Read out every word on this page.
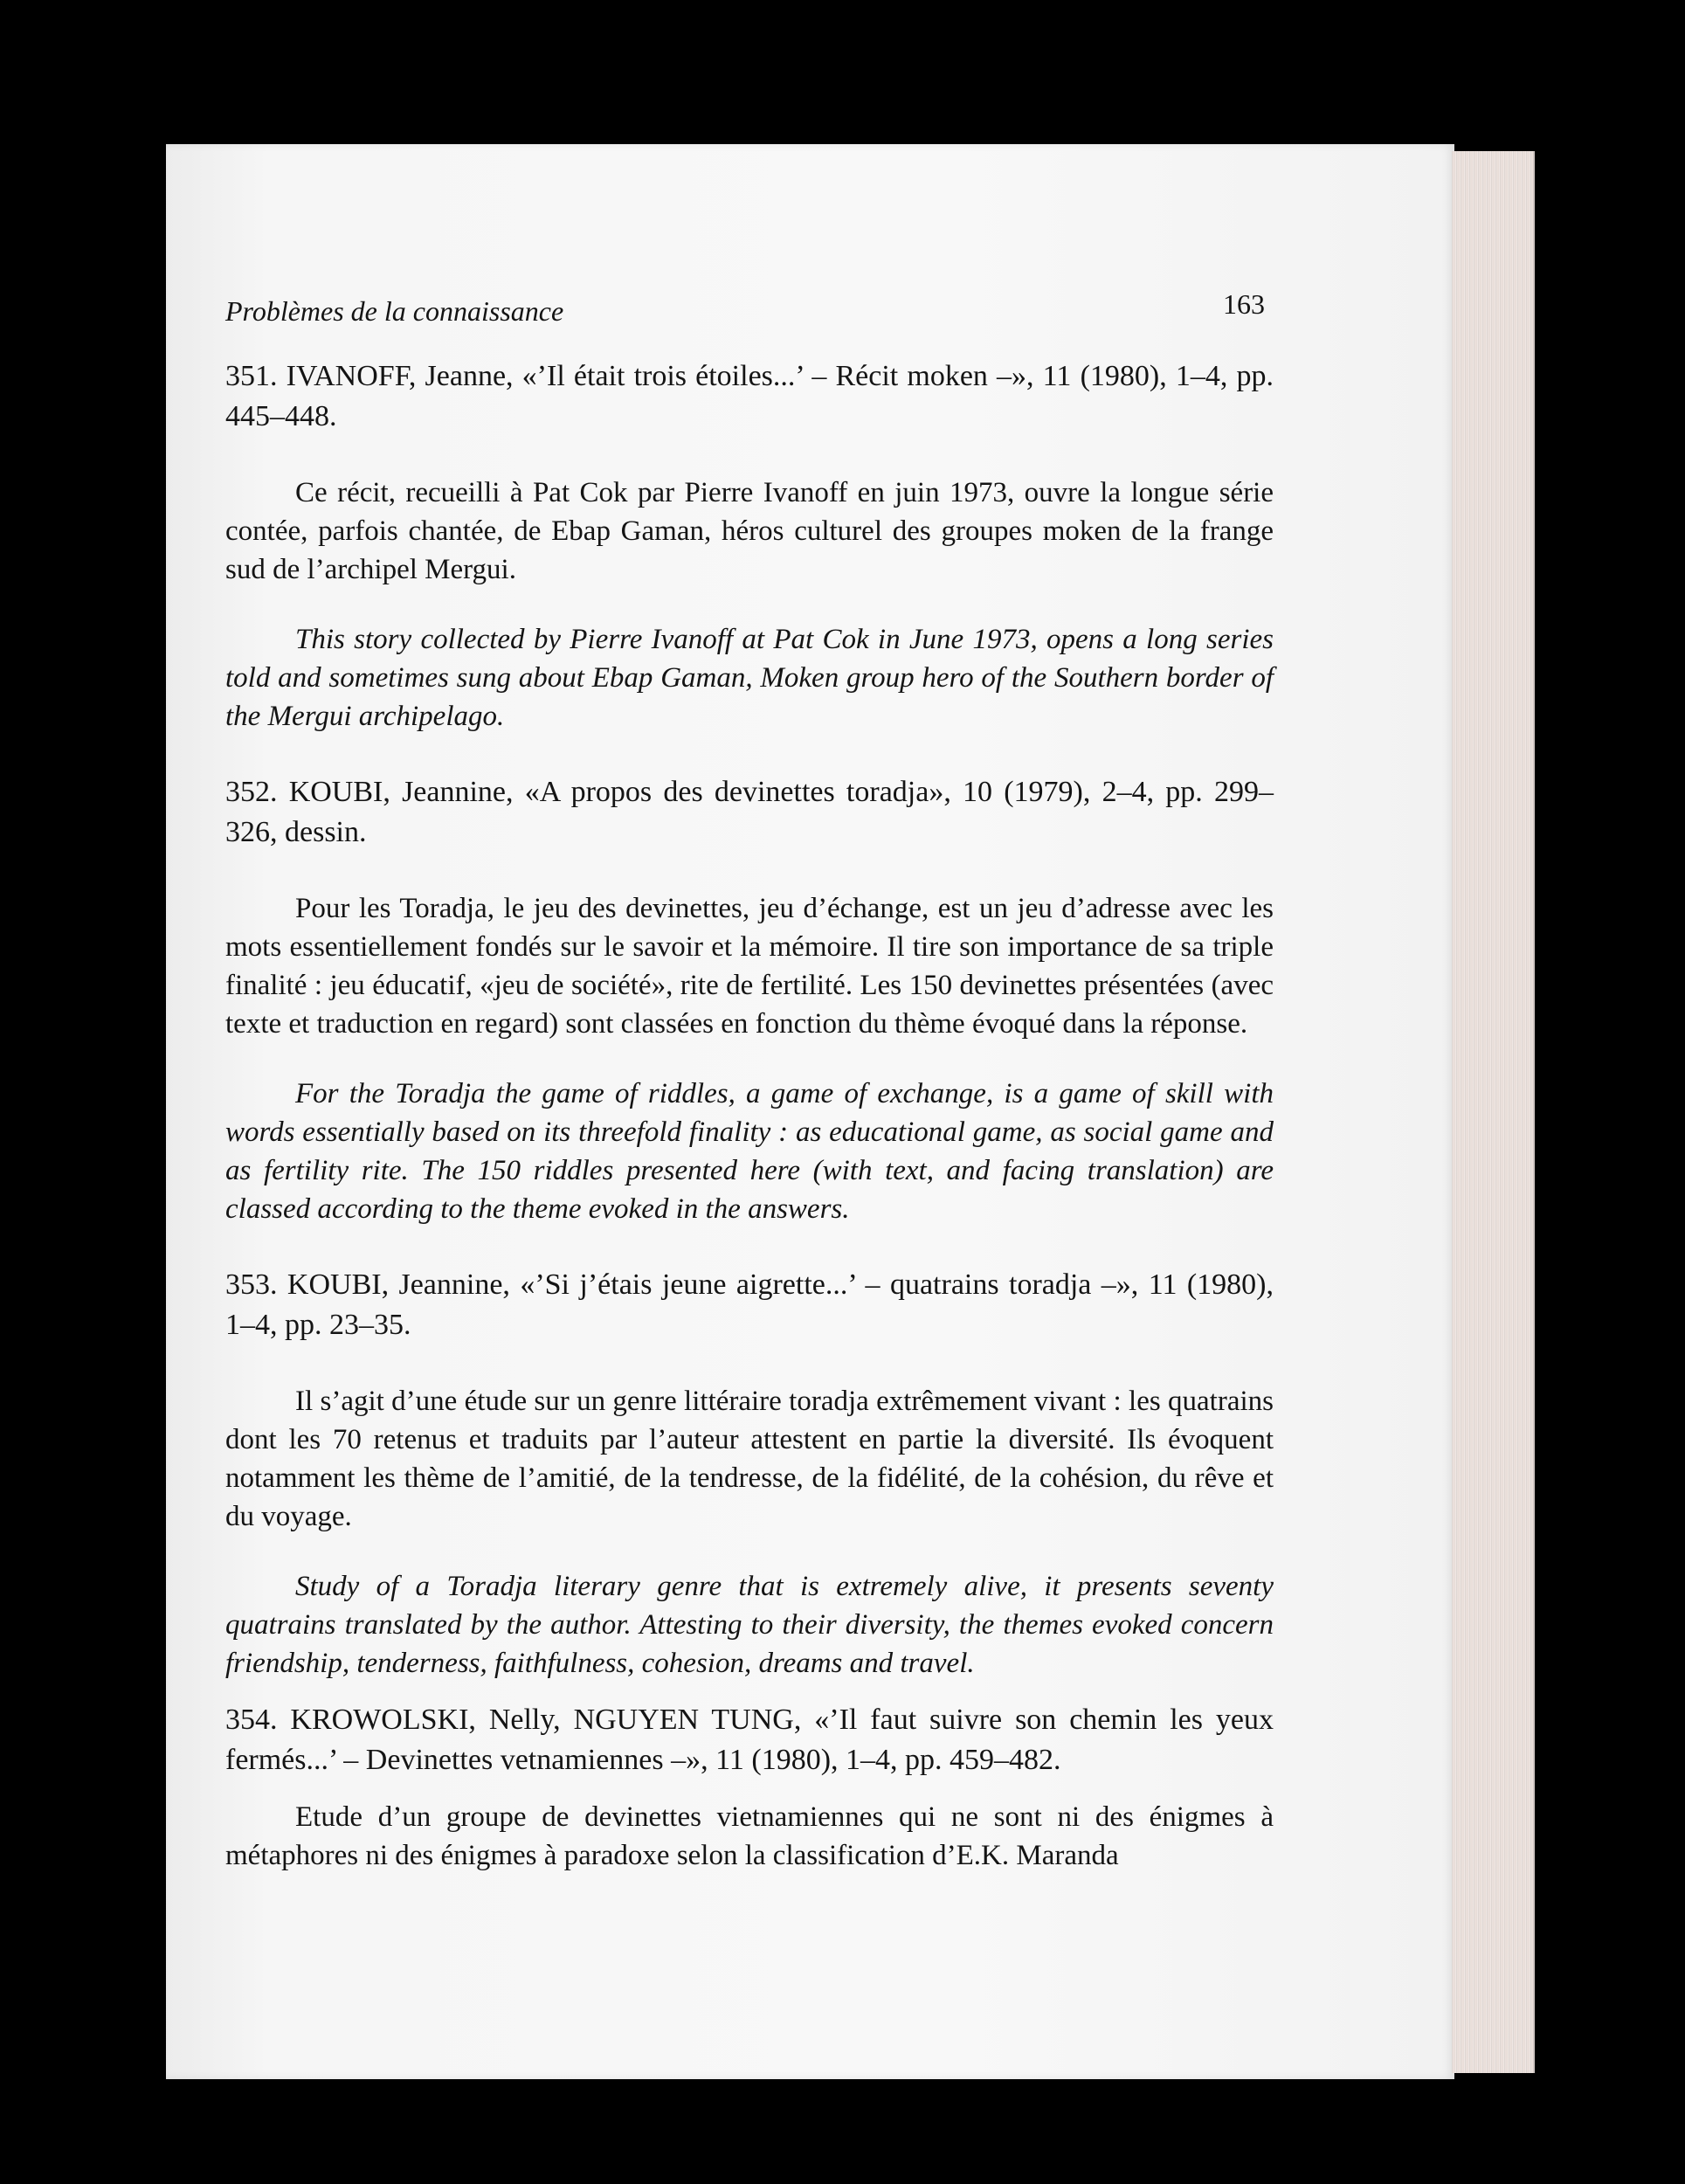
Problèmes de la connaissance	163

351. IVANOFF, Jeanne, «’Il était trois étoiles...’ – Récit moken –», 11 (1980), 1–4, pp. 445–448.

Ce récit, recueilli à Pat Cok par Pierre Ivanoff en juin 1973, ouvre la longue série contée, parfois chantée, de Ebap Gaman, héros culturel des groupes moken de la frange sud de l’archipel Mergui.

This story collected by Pierre Ivanoff at Pat Cok in June 1973, opens a long series told and sometimes sung about Ebap Gaman, Moken group hero of the Southern border of the Mergui archipelago.

352. KOUBI, Jeannine, «A propos des devinettes toradja», 10 (1979), 2–4, pp. 299–326, dessin.

Pour les Toradja, le jeu des devinettes, jeu d’échange, est un jeu d’adresse avec les mots essentiellement fondés sur le savoir et la mémoire. Il tire son importance de sa triple finalité : jeu éducatif, «jeu de société», rite de fertilité. Les 150 devinettes présentées (avec texte et traduction en regard) sont classées en fonction du thème évoqué dans la réponse.

For the Toradja the game of riddles, a game of exchange, is a game of skill with words essentially based on its threefold finality : as educational game, as social game and as fertility rite. The 150 riddles presented here (with text, and facing translation) are classed according to the theme evoked in the answers.

353. KOUBI, Jeannine, «’Si j’étais jeune aigrette...’ – quatrains toradja –», 11 (1980), 1–4, pp. 23–35.

Il s’agit d’une étude sur un genre littéraire toradja extrêmement vivant : les quatrains dont les 70 retenus et traduits par l’auteur attestent en partie la diversité. Ils évoquent notamment les thème de l’amitié, de la tendresse, de la fidélité, de la cohésion, du rêve et du voyage.

Study of a Toradja literary genre that is extremely alive, it presents seventy quatrains translated by the author. Attesting to their diversity, the themes evoked concern friendship, tenderness, faithfulness, cohesion, dreams and travel.

354. KROWOLSKI, Nelly, NGUYEN TUNG, «’Il faut suivre son chemin les yeux fermés...’ – Devinettes vetnamiennes –», 11 (1980), 1–4, pp. 459–482.

Etude d’un groupe de devinettes vietnamiennes qui ne sont ni des énigmes à métaphores ni des énigmes à paradoxe selon la classification d’E.K. Maranda
